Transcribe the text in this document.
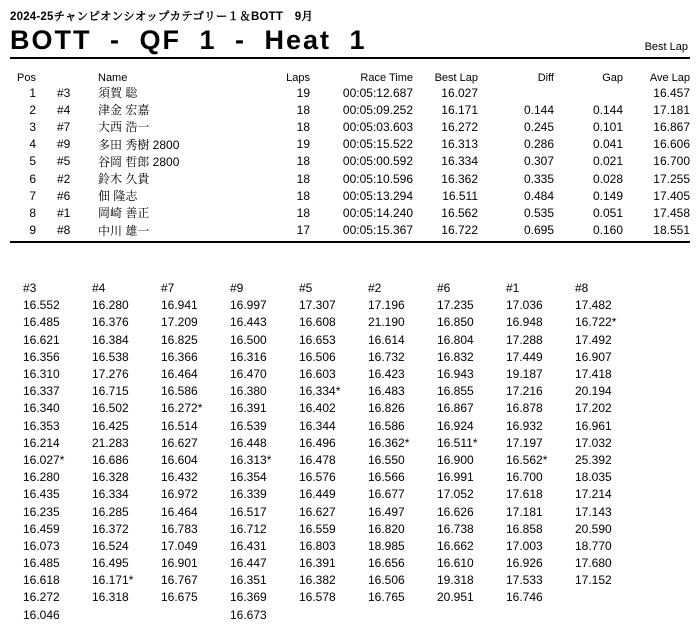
2024-25チャンピオンシオップカテゴリー１＆BOTT　9月
BOTT - QF 1 - Heat 1	Best Lap
Pos		Name	Laps	Race Time	Best Lap	Diff	Gap	Ave Lap
1	#3	須賀 聡	19	00:05:12.687	16.027			16.457
2	#4	津金 宏嘉	18	00:05:09.252	16.171	0.144	0.144	17.181
3	#7	大西 浩一	18	00:05:03.603	16.272	0.245	0.101	16.867
4	#9	多田 秀樹 2800	19	00:05:15.522	16.313	0.286	0.041	16.606
5	#5	谷岡 哲郎 2800	18	00:05:00.592	16.334	0.307	0.021	16.700
6	#2	鈴木 久貴	18	00:05:10.596	16.362	0.335	0.028	17.255
7	#6	佃 隆志	18	00:05:13.294	16.511	0.484	0.149	17.405
8	#1	岡崎 善正	18	00:05:14.240	16.562	0.535	0.051	17.458
9	#8	中川 雄一	17	00:05:15.367	16.722	0.695	0.160	18.551
#3	#4	#7	#9	#5	#2	#6	#1	#8
16.552	16.280	16.941	16.997	17.307	17.196	17.235	17.036	17.482
16.485	16.376	17.209	16.443	16.608	21.190	16.850	16.948	16.722*
16.621	16.384	16.825	16.500	16.653	16.614	16.804	17.288	17.492
16.356	16.538	16.366	16.316	16.506	16.732	16.832	17.449	16.907
16.310	17.276	16.464	16.470	16.603	16.423	16.943	19.187	17.418
16.337	16.715	16.586	16.380	16.334*	16.483	16.855	17.216	20.194
16.340	16.502	16.272*	16.391	16.402	16.826	16.867	16.878	17.202
16.353	16.425	16.514	16.539	16.344	16.586	16.924	16.932	16.961
16.214	21.283	16.627	16.448	16.496	16.362*	16.511*	17.197	17.032
16.027*	16.686	16.604	16.313*	16.478	16.550	16.900	16.562*	25.392
16.280	16.328	16.432	16.354	16.576	16.566	16.991	16.700	18.035
16.435	16.334	16.972	16.339	16.449	16.677	17.052	17.618	17.214
16.235	16.285	16.464	16.517	16.627	16.497	16.626	17.181	17.143
16.459	16.372	16.783	16.712	16.559	16.820	16.738	16.858	20.590
16.073	16.524	17.049	16.431	16.803	18.985	16.662	17.003	18.770
16.485	16.495	16.901	16.447	16.391	16.656	16.610	16.926	17.680
16.618	16.171*	16.767	16.351	16.382	16.506	19.318	17.533	17.152
16.272	16.318	16.675	16.369	16.578	16.765	20.951	16.746	
16.046			16.673					
